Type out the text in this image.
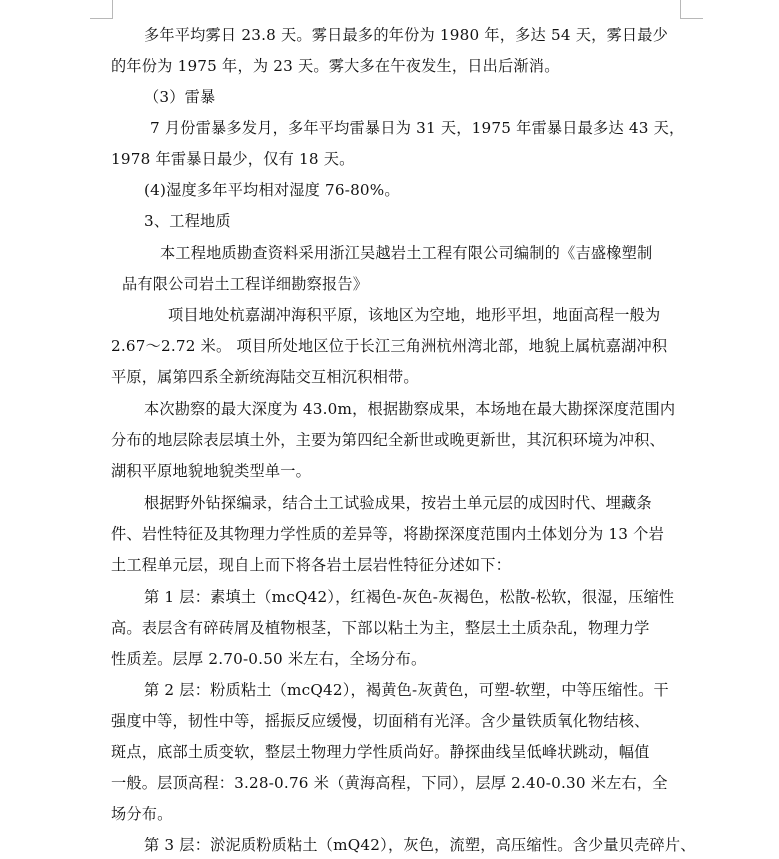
多年平均雾日 23.8 天。雾日最多的年份为 1980 年，多达 54 天，雾日最少
的年份为 1975 年，为 23 天。雾大多在午夜发生，日出后渐消。
（3）雷暴
7 月份雷暴多发月，多年平均雷暴日为 31 天，1975 年雷暴日最多达 43 天，
1978 年雷暴日最少，仅有 18 天。
(4)湿度多年平均相对湿度 76-80%。
3、工程地质
本工程地质勘查资料采用浙江吴越岩土工程有限公司编制的《吉盛橡塑制
品有限公司岩土工程详细勘察报告》
项目地处杭嘉湖冲海积平原，该地区为空地，地形平坦，地面高程一般为
2.67～2.72 米。 项目所处地区位于长江三角洲杭州湾北部，地貌上属杭嘉湖冲积
平原，属第四系全新统海陆交互相沉积相带。
本次勘察的最大深度为 43.0m，根据勘察成果，本场地在最大勘探深度范围内
分布的地层除表层填土外，主要为第四纪全新世或晚更新世，其沉积环境为冲积、
湖积平原地貌地貌类型单一。
根据野外钻探编录，结合土工试验成果，按岩土单元层的成因时代、埋藏条
件、岩性特征及其物理力学性质的差异等，将勘探深度范围内土体划分为 13 个岩
土工程单元层，现自上而下将各岩土层岩性特征分述如下：
第 1 层：素填土（mcQ42），红褐色-灰色-灰褐色，松散-松软，很湿，压缩性
高。表层含有碎砖屑及植物根茎，下部以粘土为主，整层土土质杂乱，物理力学
性质差。层厚 2.70-0.50 米左右，全场分布。
第 2 层：粉质粘土（mcQ42），褐黄色-灰黄色，可塑-软塑，中等压缩性。干
强度中等，韧性中等，摇振反应缓慢，切面稍有光泽。含少量铁质氧化物结核、
斑点，底部土质变软，整层土物理力学性质尚好。静探曲线呈低峰状跳动，幅值
一般。层顶高程：3.28-0.76 米（黄海高程，下同），层厚 2.40-0.30 米左右，全
场分布。
第 3 层：淤泥质粉质粘土（mQ42），灰色，流塑，高压缩性。含少量贝壳碎片、
